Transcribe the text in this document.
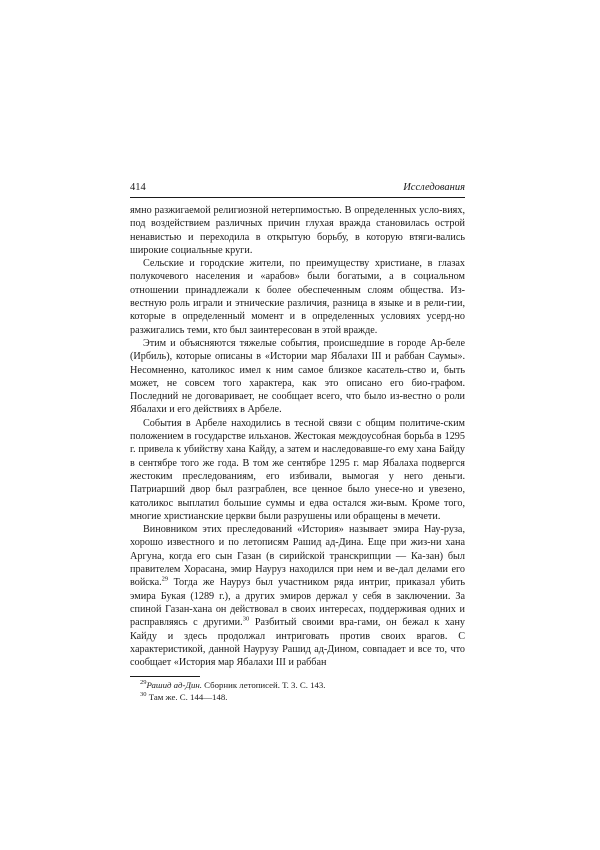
414	Исследования

ямно разжигаемой религиозной нетерпимостью. В определенных усло-виях, под воздействием различных причин глухая вражда становилась острой ненавистью и переходила в открытую борьбу, в которую втяги-вались широкие социальные круги.

Сельские и городские жители, по преимуществу христиане, в глазах полукочевого населения и «арабов» были богатыми, а в социальном отношении принадлежали к более обеспеченным слоям общества. Из-вестную роль играли и этнические различия, разница в языке и в рели-гии, которые в определенный момент и в определенных условиях усерд-но разжигались теми, кто был заинтересован в этой вражде.

Этим и объясняются тяжелые события, происшедшие в городе Ар-беле (Ирбиль), которые описаны в «Истории мар Ябалахи III и раббан Саумы». Несомненно, католикос имел к ним самое близкое касатель-ство и, быть может, не совсем того характера, как это описано его био-графом. Последний не договаривает, не сообщает всего, что было из-вестно о роли Ябалахи и его действиях в Арбеле.

События в Арбеле находились в тесной связи с общим политиче-ским положением в государстве ильханов. Жестокая междоусобная борьба в 1295 г. привела к убийству хана Кайду, а затем и наследовавше-го ему хана Байду в сентябре того же года. В том же сентябре 1295 г. мар Ябалаха подвергся жестоким преследованиям, его избивали, вымогая у него деньги. Патриарший двор был разграблен, все ценное было унесе-но и увезено, католикос выплатил большие суммы и едва остался жи-вым. Кроме того, многие христианские церкви были разрушены или обращены в мечети.

Виновником этих преследований «История» называет эмира Нау-руза, хорошо известного и по летописям Рашид ад-Дина. Еще при жиз-ни хана Аргуна, когда его сын Газан (в сирийской транскрипции — Ка-зан) был правителем Хорасана, эмир Науруз находился при нем и ве-дал делами его войска.$^{29}$ Тогда же Науруз был участником ряда интриг, приказал убить эмира Букая (1289 г.), а других эмиров держал у себя в заключении. За спиной Газан-хана он действовал в своих интересах, поддерживая одних и расправляясь с другими.$^{30}$ Разбитый своими вра-гами, он бежал к хану Кайду и здесь продолжал интриговать против своих врагов. С характеристикой, данной Наурузу Рашид ад-Дином, совпадает и все то, что сообщает «История мар Ябалахи III и раббан

$^{29}$Рашид ад-Дин. Сборник летописей. Т. 3. С. 143.
$^{30}$ Там же. С. 144—148.
